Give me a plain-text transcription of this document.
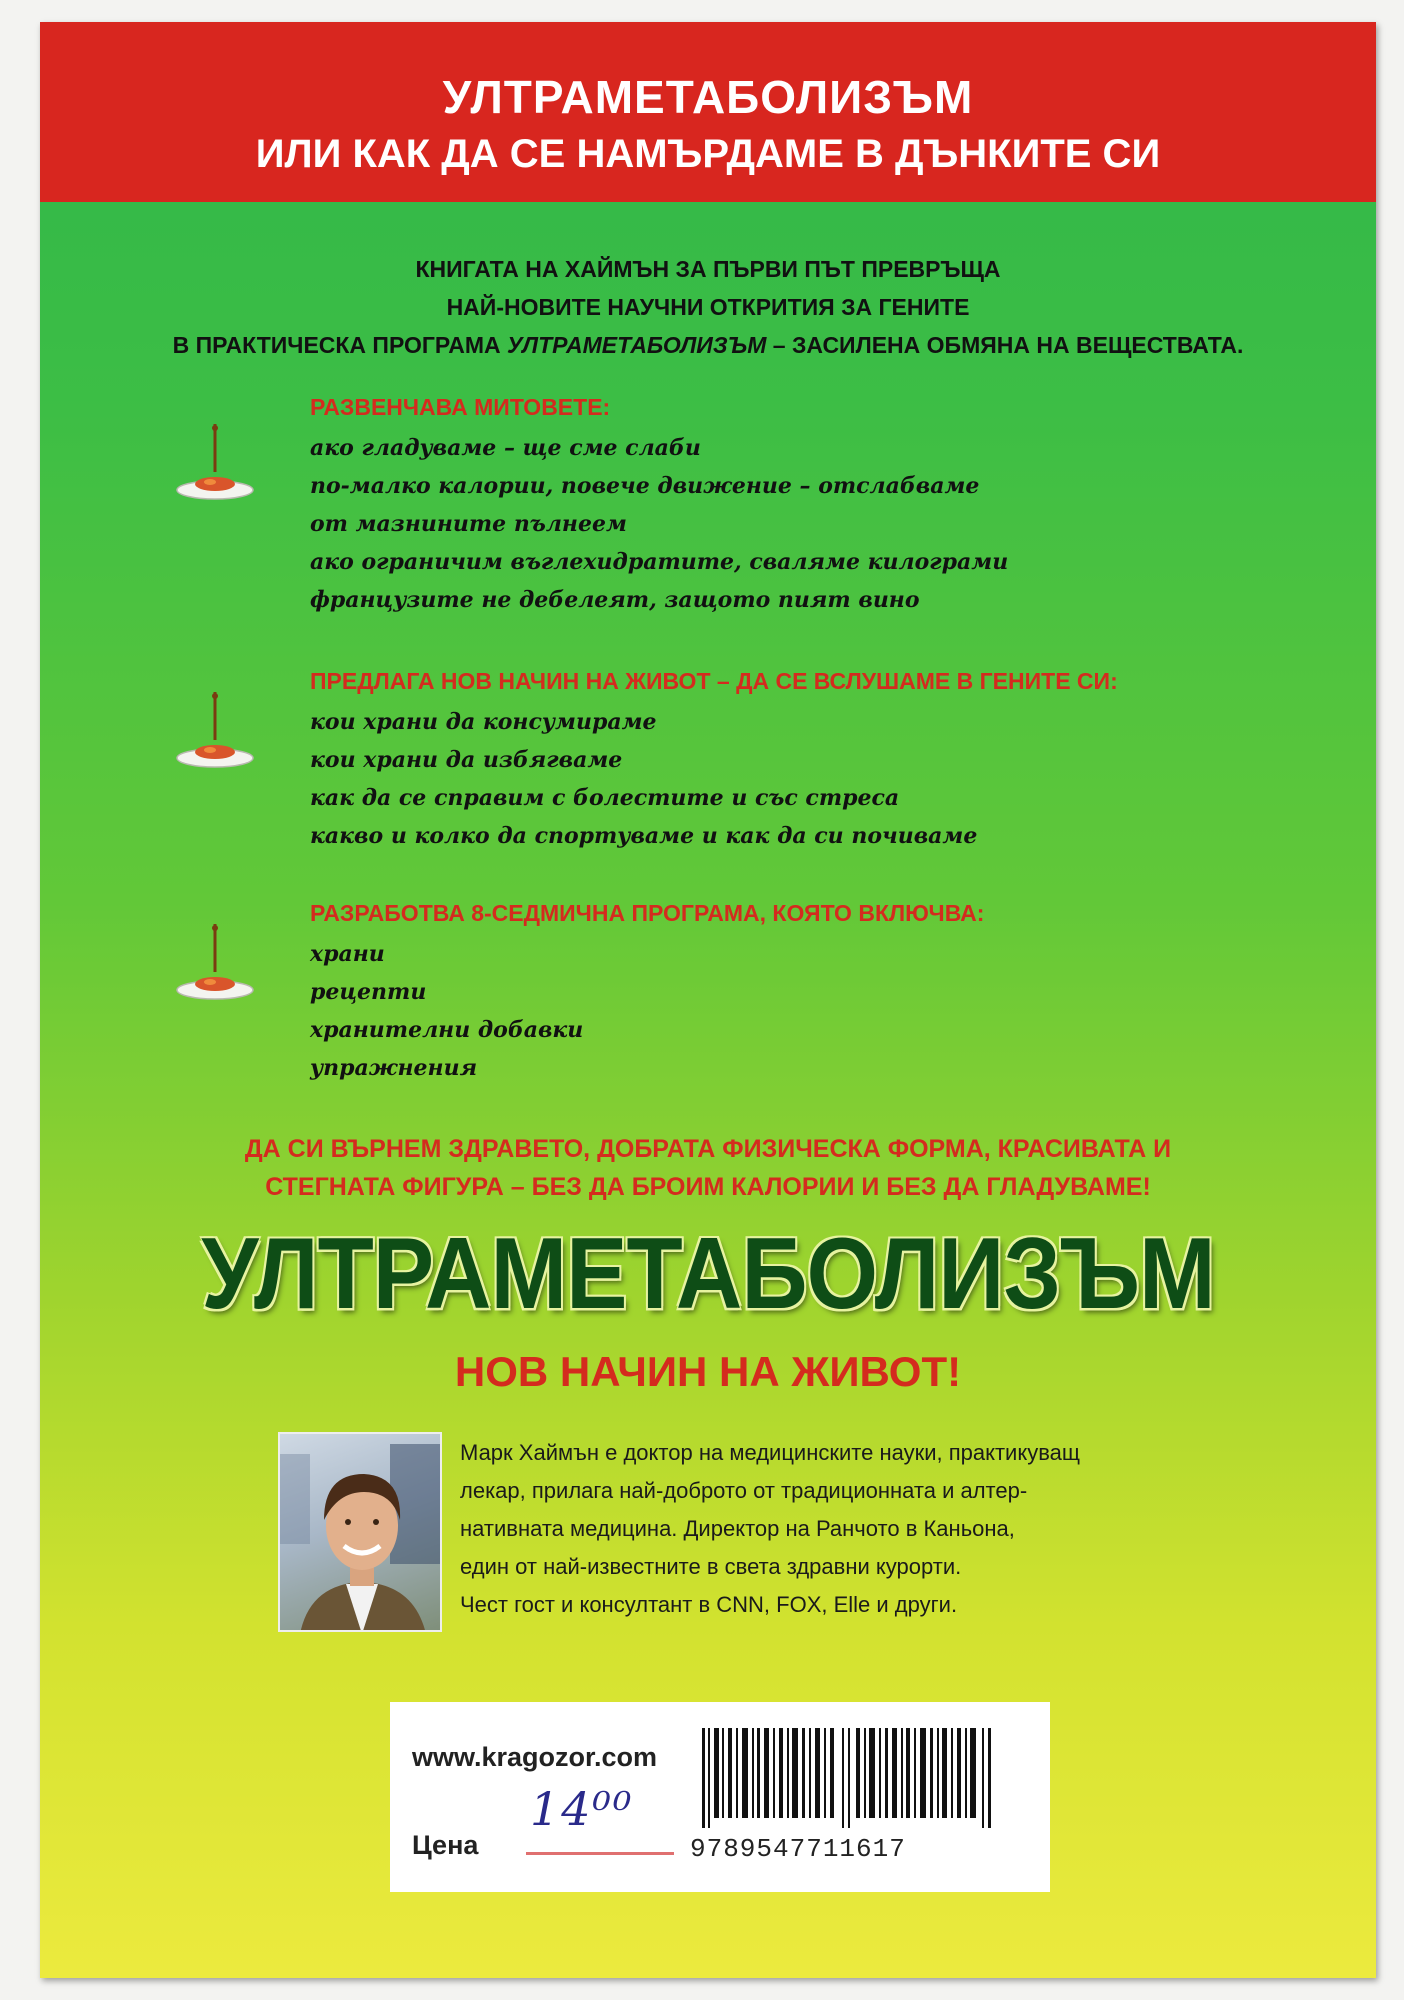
УЛТРАМЕТАБОЛИЗЪМ
ИЛИ КАК ДА СЕ НАМЪРДАМЕ В ДЪНКИТЕ СИ
КНИГАТА НА ХАЙМЪН ЗА ПЪРВИ ПЪТ ПРЕВРЪЩА
НАЙ-НОВИТЕ НАУЧНИ ОТКРИТИЯ ЗА ГЕНИТЕ
В ПРАКТИЧЕСКА ПРОГРАМА УЛТРАМЕТАБОЛИЗЪМ – ЗАСИЛЕНА ОБМЯНА НА ВЕЩЕСТВАТА.
РАЗВЕНЧАВА МИТОВЕТЕ:
ако гладуваме – ще сме слаби
по-малко калории, повече движение – отслабваме
от мазнините пълнеем
ако ограничим въглехидратите, сваляме килограми
французите не дебелеят, защото пият вино
ПРЕДЛАГА НОВ НАЧИН НА ЖИВОТ – ДА СЕ ВСЛУШАМЕ В ГЕНИТЕ СИ:
кои храни да консумираме
кои храни да избягваме
как да се справим с болестите и със стреса
какво и колко да спортуваме и как да си почиваме
РАЗРАБОТВА 8-СЕДМИЧНА ПРОГРАМА, КОЯТО ВКЛЮЧВА:
храни
рецепти
хранителни добавки
упражнения
ДА СИ ВЪРНЕМ ЗДРАВЕТО, ДОБРАТА ФИЗИЧЕСКА ФОРМА, КРАСИВАТА И
СТЕГНАТА ФИГУРА – БЕЗ ДА БРОИМ КАЛОРИИ И БЕЗ ДА ГЛАДУВАМЕ!
УЛТРАМЕТАБОЛИЗЪМ
НОВ НАЧИН НА ЖИВОТ!
Марк Хаймън е доктор на медицинските науки, практикуващ
лекар, прилага най-доброто от традиционната и алтер-
нативната медицина. Директор на Ранчото в Каньона,
един от най-известните в света здравни курорти.
Чест гост и консултант в CNN, FOX, Elle и други.
www.kragozor.com
Цена
14⁰⁰
9789547711617
